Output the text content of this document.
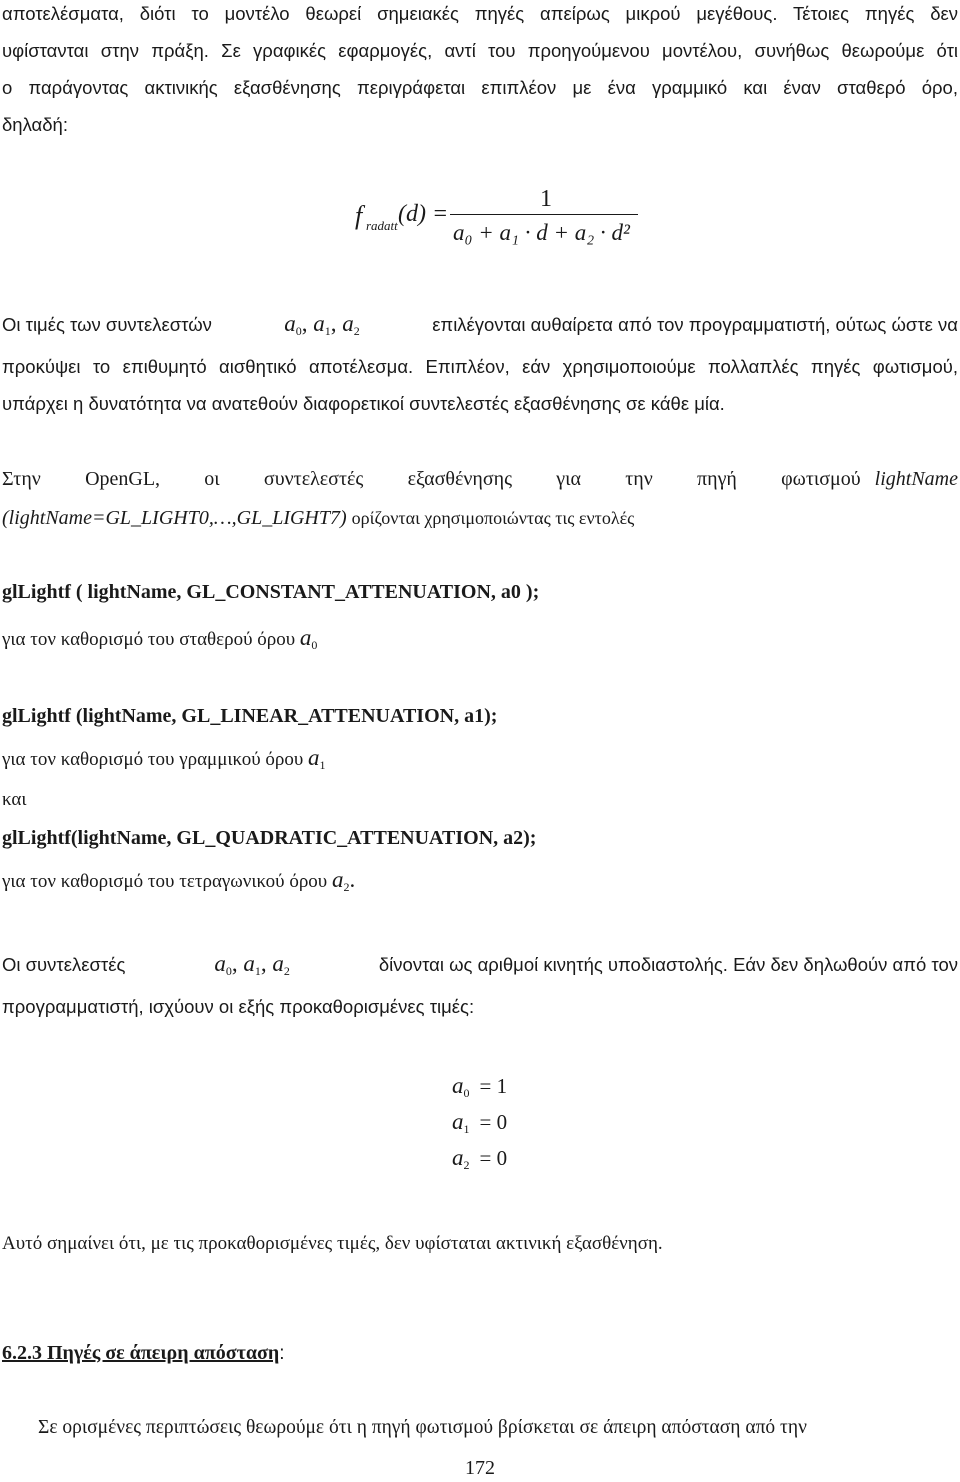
αποτελέσματα, διότι το μοντέλο θεωρεί σημειακές πηγές απείρως μικρού μεγέθους. Τέτοιες πηγές δεν
υφίστανται στην πράξη. Σε γραφικές εφαρμογές, αντί του προηγούμενου μοντέλου, συνήθως θεωρούμε ότι
ο παράγοντας ακτινικής εξασθένησης περιγράφεται επιπλέον με ένα γραμμικό και έναν σταθερό όρο,
δηλαδή:
f radatt (d) =
1
a₀ + a₁ · d + a₂ · d²
Οι τιμές των συντελεστών	$a_0$, $a_1$, $a_2$	επιλέγονται αυθαίρετα από τον προγραμματιστή, ούτως ώστε να
προκύψει το επιθυμητό αισθητικό αποτέλεσμα. Επιπλέον, εάν χρησιμοποιούμε πολλαπλές πηγές φωτισμού,
υπάρχει η δυνατότητα να ανατεθούν διαφορετικοί συντελεστές εξασθένησης σε κάθε μία.
Στην OpenGL, οι συντελεστές εξασθένησης για την πηγή φωτισμού lightName
(lightName=GL_LIGHT0,…,GL_LIGHT7) ορίζονται χρησιμοποιώντας τις εντολές
glLightf ( lightName, GL_CONSTANT_ATTENUATION, a0 );
για τον καθορισμό του σταθερού όρου $a_0$
glLightf (lightName, GL_LINEAR_ATTENUATION, a1);
για τον καθορισμό του γραμμικού όρου $a_1$
και
glLightf(lightName, GL_QUADRATIC_ATTENUATION, a2);
για τον καθορισμό του τετραγωνικού όρου $a_2$.
Οι συντελεστές	$a_0$, $a_1$, $a_2$	δίνονται ως αριθμοί κινητής υποδιαστολής. Εάν δεν δηλωθούν από τον
προγραμματιστή, ισχύουν οι εξής προκαθορισμένες τιμές:
$a_0 = 1$
$a_1 = 0$
$a_2 = 0$
Αυτό σημαίνει ότι, με τις προκαθορισμένες τιμές, δεν υφίσταται ακτινική εξασθένηση.
6.2.3 Πηγές σε άπειρη απόσταση:
Σε ορισμένες περιπτώσεις θεωρούμε ότι η πηγή φωτισμού βρίσκεται σε άπειρη απόσταση από την
172
